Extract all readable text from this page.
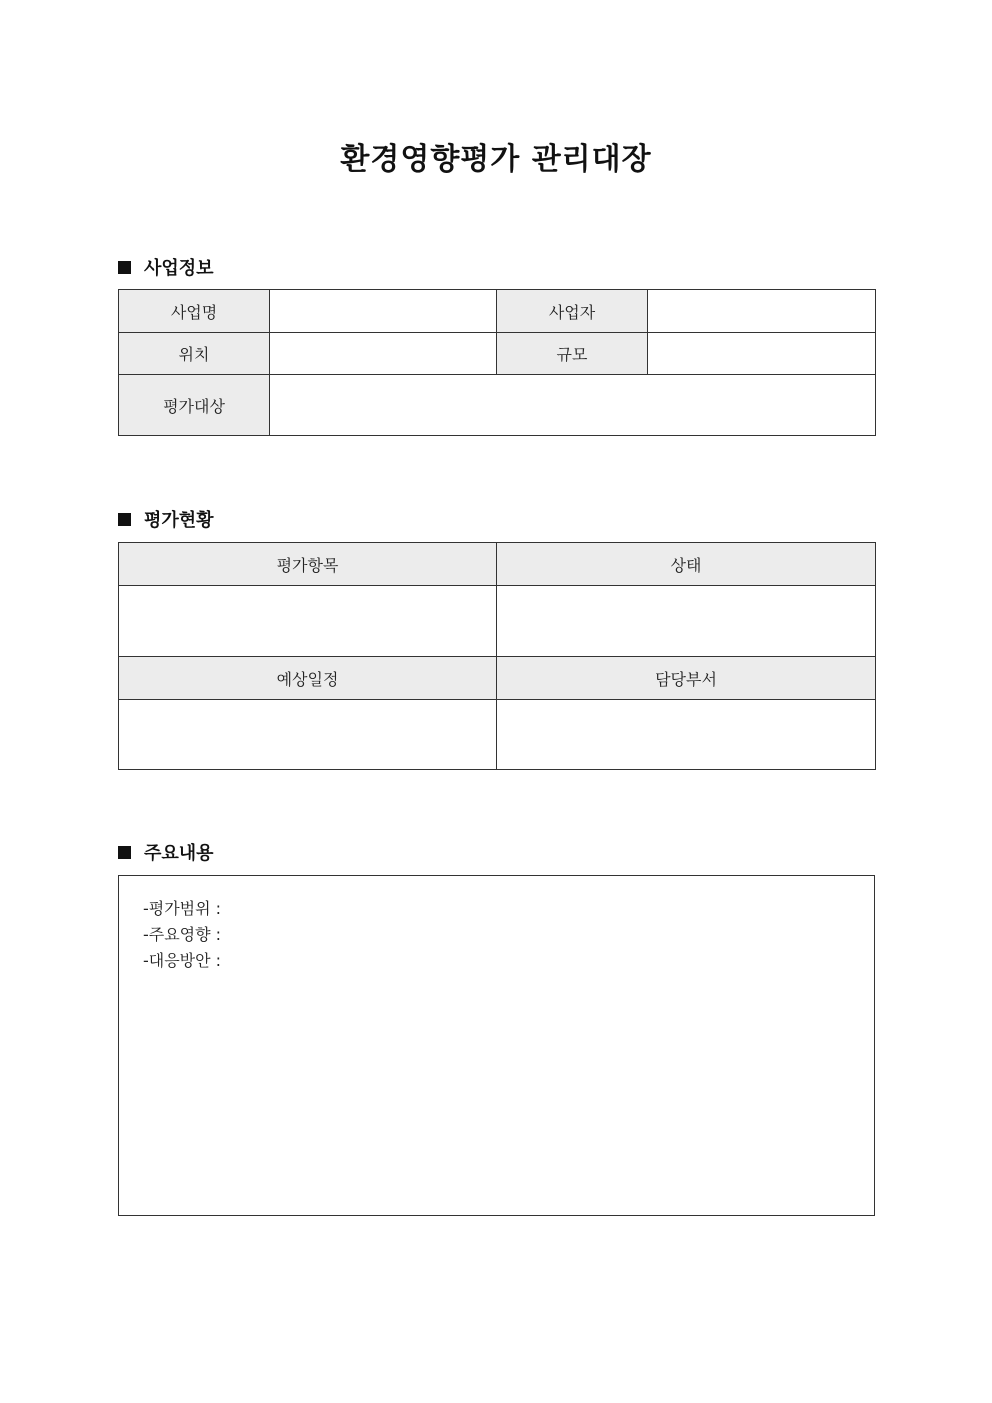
환경영향평가 관리대장
사업정보
사업명		사업자	
위치		규모	
평가대상			
평가현황
평가항목	상태

예상일정	담당부서

주요내용
-평가범위 :
-주요영향 :
-대응방안 :
